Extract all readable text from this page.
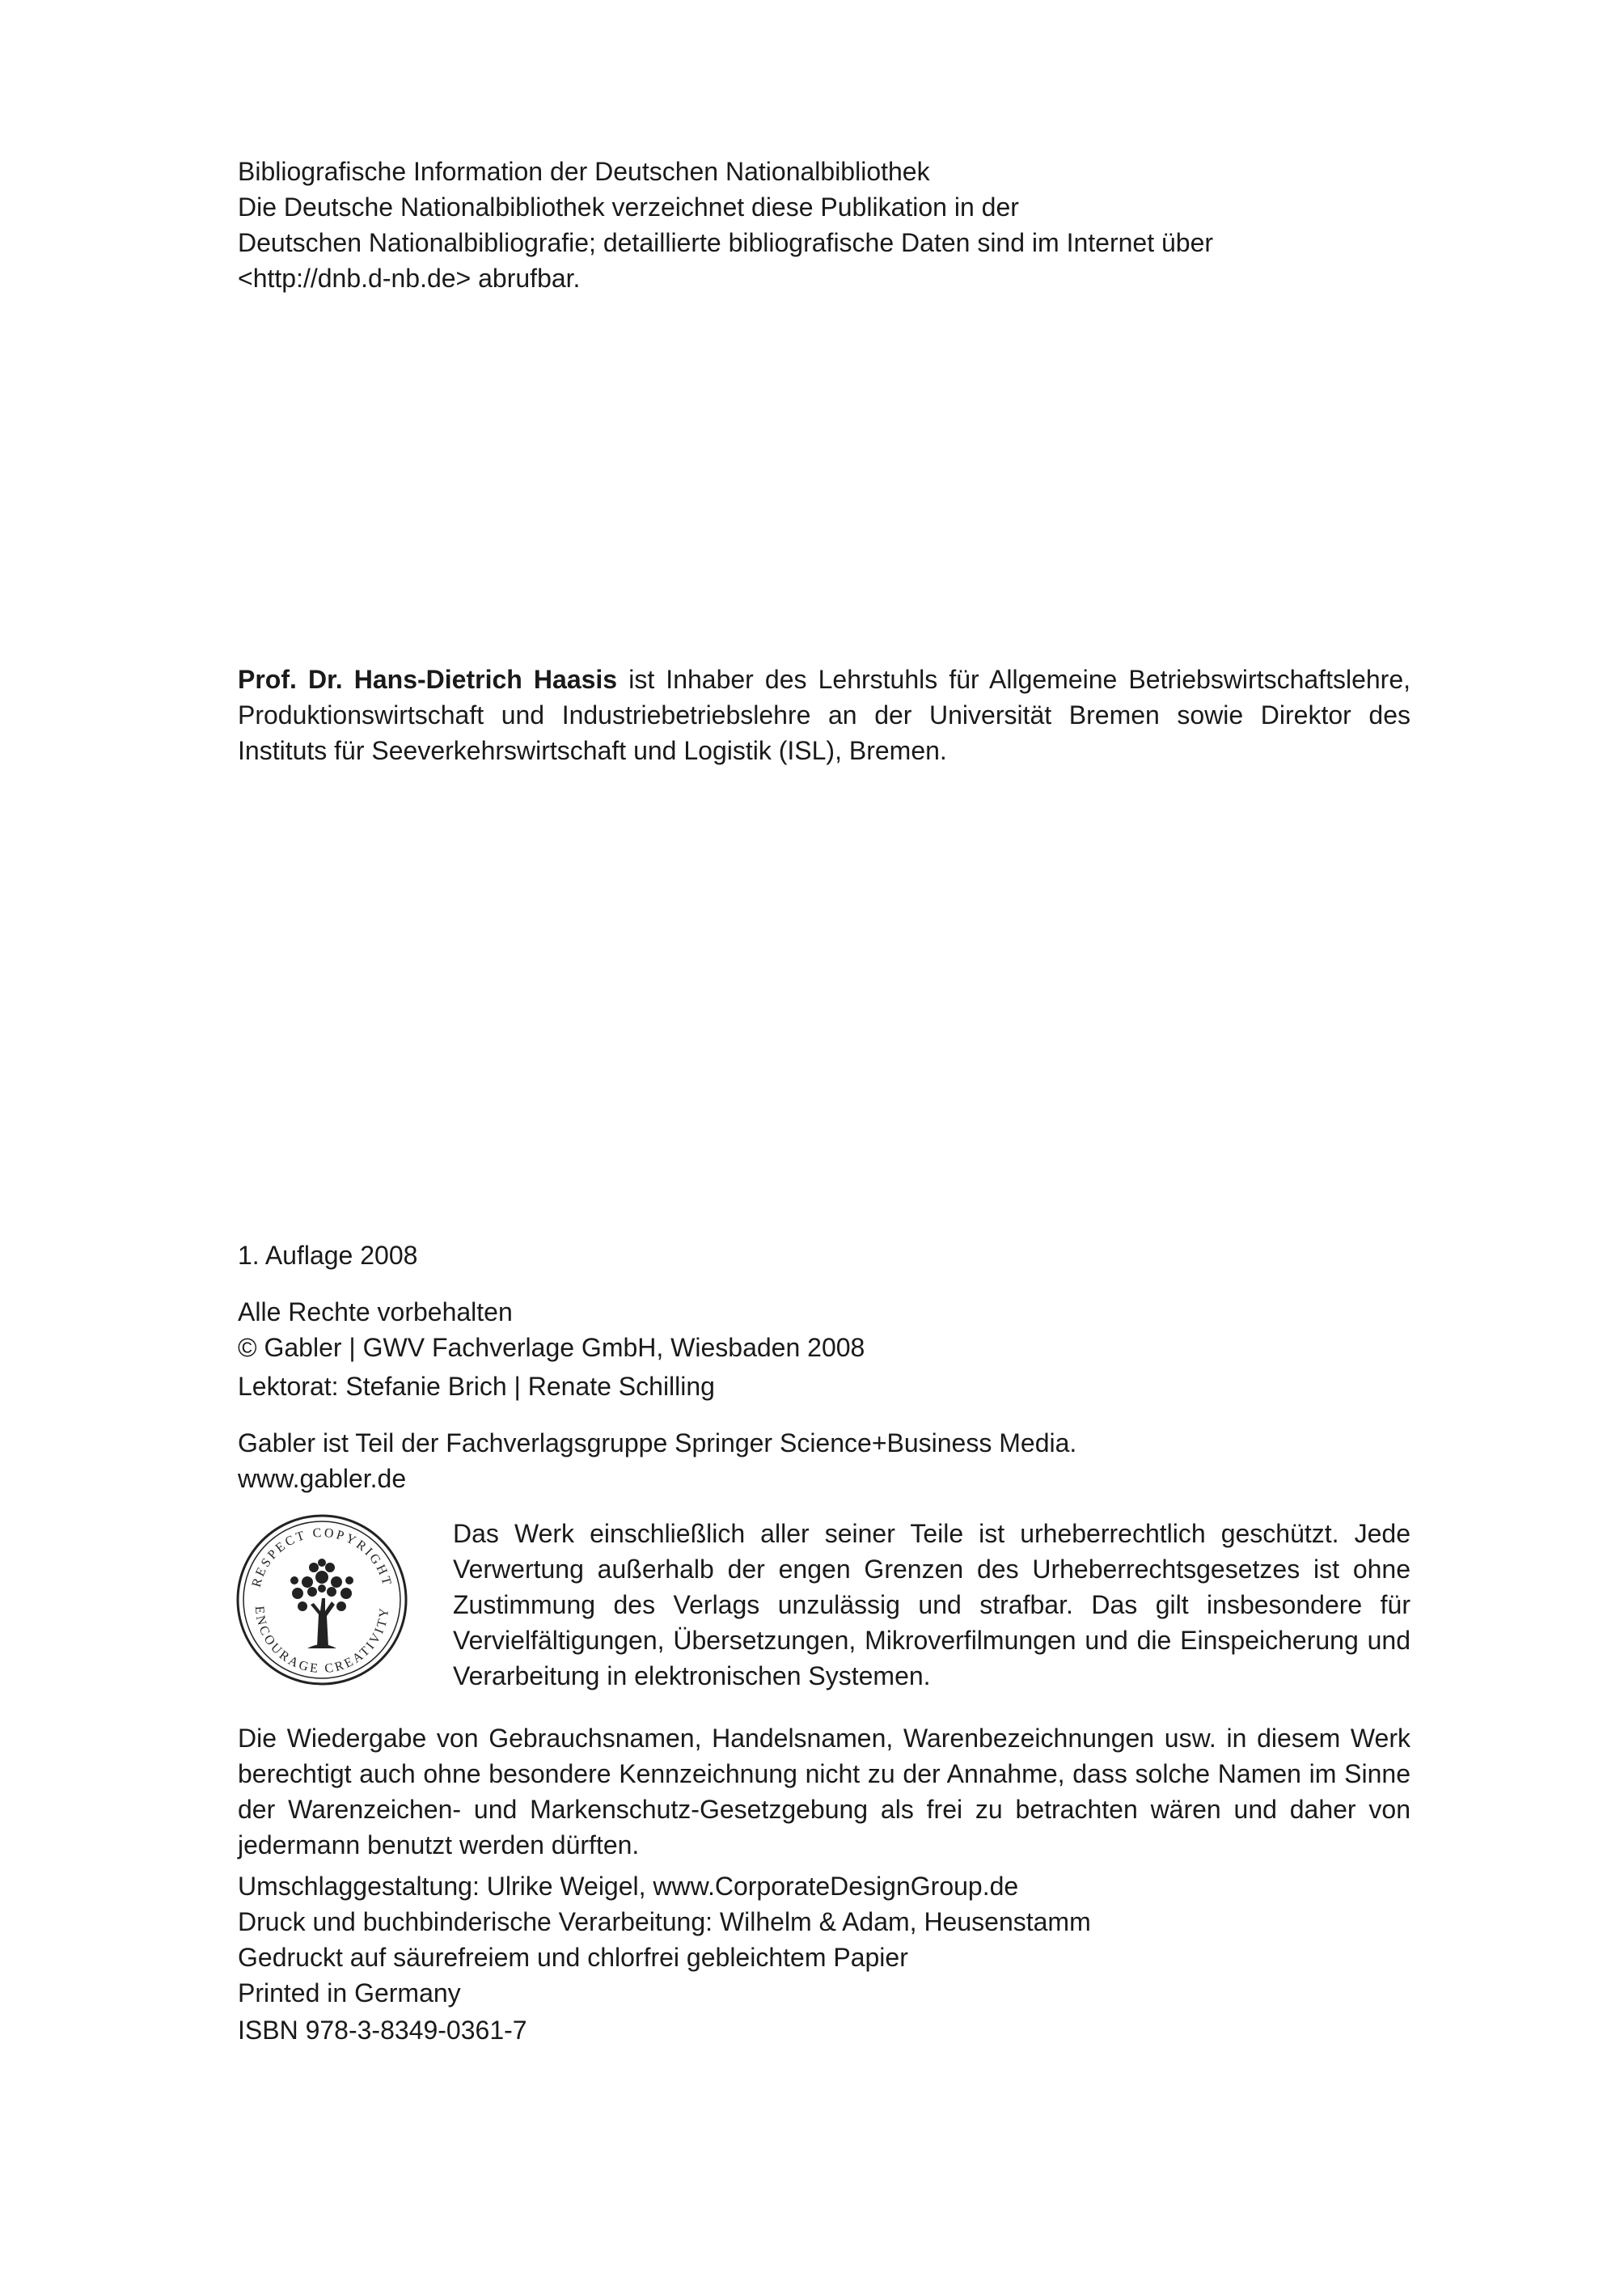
Bibliografische Information der Deutschen Nationalbibliothek
Die Deutsche Nationalbibliothek verzeichnet diese Publikation in der
Deutschen Nationalbibliografie; detaillierte bibliografische Daten sind im Internet über
<http://dnb.d-nb.de> abrufbar.
Prof. Dr. Hans-Dietrich Haasis ist Inhaber des Lehrstuhls für Allgemeine Betriebswirtschaftslehre, Produktionswirtschaft und Industriebetriebslehre an der Universität Bremen sowie Direktor des Instituts für Seeverkehrswirtschaft und Logistik (ISL), Bremen.
1. Auflage 2008
Alle Rechte vorbehalten
© Gabler | GWV Fachverlage GmbH, Wiesbaden 2008
Lektorat: Stefanie Brich | Renate Schilling
Gabler ist Teil der Fachverlagsgruppe Springer Science+Business Media.
www.gabler.de
RESPECT COPYRIGHT
ENCOURAGE CREATIVITY
Das Werk einschließlich aller seiner Teile ist urheberrechtlich geschützt. Jede Verwertung außerhalb der engen Grenzen des Urheberrechtsgesetzes ist ohne Zustimmung des Verlags unzulässig und strafbar. Das gilt insbesondere für Vervielfältigungen, Übersetzungen, Mikroverfilmungen und die Einspeicherung und Verarbeitung in elektronischen Systemen.
Die Wiedergabe von Gebrauchsnamen, Handelsnamen, Warenbezeichnungen usw. in diesem Werk berechtigt auch ohne besondere Kennzeichnung nicht zu der Annahme, dass solche Namen im Sinne der Warenzeichen- und Markenschutz-Gesetzgebung als frei zu betrachten wären und daher von jedermann benutzt werden dürften.
Umschlaggestaltung: Ulrike Weigel, www.CorporateDesignGroup.de
Druck und buchbinderische Verarbeitung: Wilhelm & Adam, Heusenstamm
Gedruckt auf säurefreiem und chlorfrei gebleichtem Papier
Printed in Germany
ISBN 978-3-8349-0361-7
